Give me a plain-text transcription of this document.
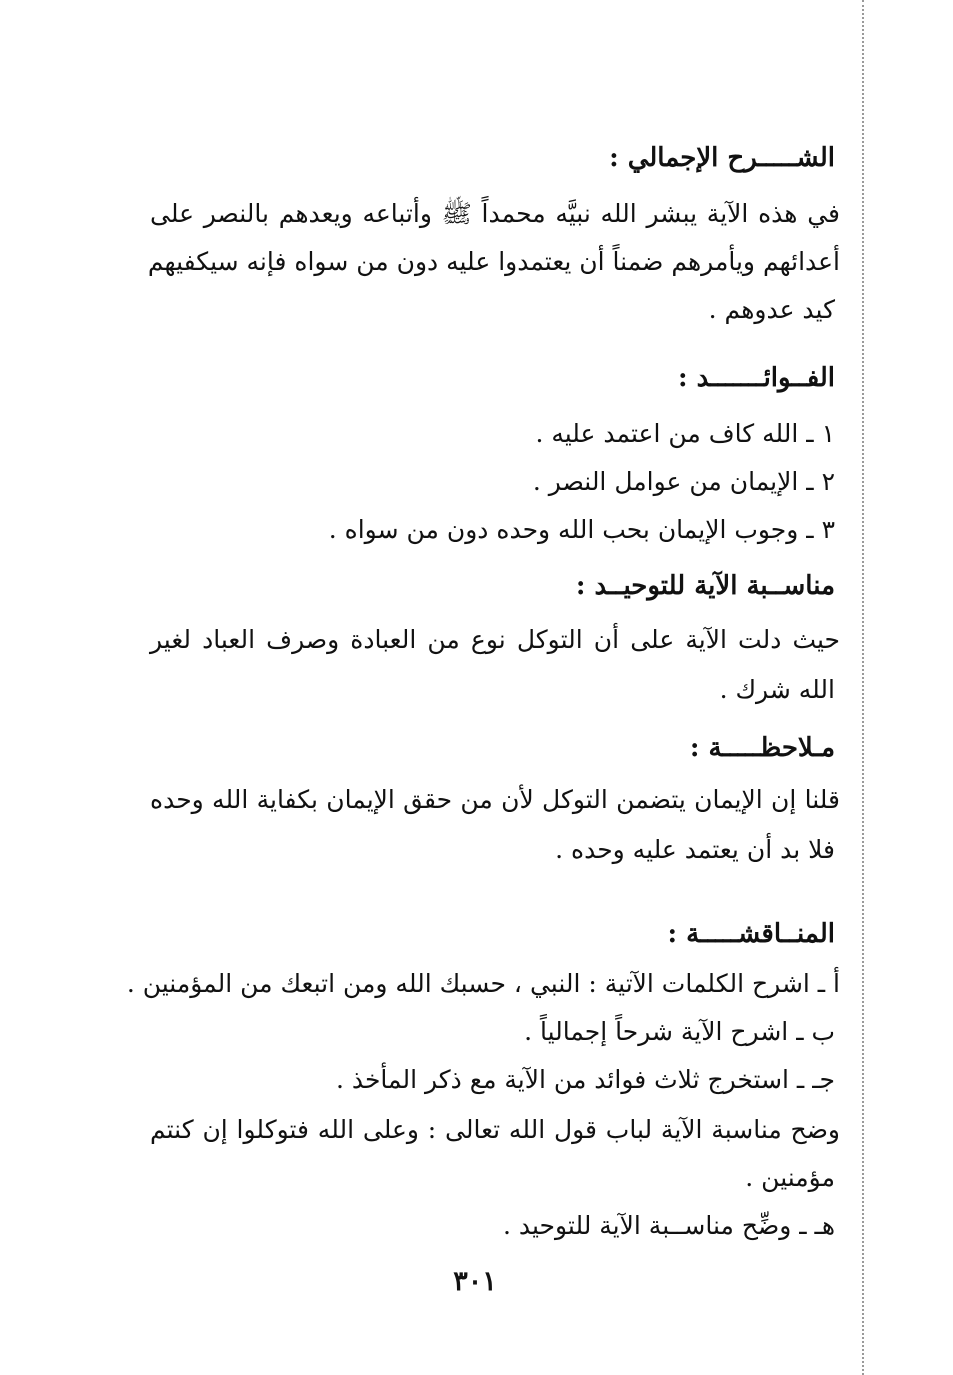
الشـــــرح الإجمالي :
في هذه الآية يبشر الله نبيَّه محمداً ﷺ وأتباعه ويعدهم بالنصر على
أعدائهم ويأمرهم ضمناً أن يعتمدوا عليه دون من سواه فإنه سيكفيهم
كيد عدوهم .
الفــوائـــــــد :
١ ـ الله كاف من اعتمد عليه .
٢ ـ الإيمان من عوامل النصر .
٣ ـ وجوب الإيمان بحب الله وحده دون من سواه .
مناســبة الآية للتوحيــد :
حيث دلت الآية على أن التوكل نوع من العبادة وصرف العباد لغير
الله شرك .
مـلاحظـــــة :
قلنا إن الإيمان يتضمن التوكل لأن من حقق الإيمان بكفاية الله وحده
فلا بد أن يعتمد عليه وحده .
المنــاقشـــــة :
أ ـ اشرح الكلمات الآتية : النبي ، حسبك الله ومن اتبعك من المؤمنين .
ب ـ اشرح الآية شرحاً إجمالياً .
جـ ـ استخرج ثلاث فوائد من الآية مع ذكر المأخذ .
وضح مناسبة الآية لباب قول الله تعالى : وعلى الله فتوكلوا إن كنتم
مؤمنين .
هـ ـ وضِّح مناســبة الآية للتوحيد .
٣٠١
